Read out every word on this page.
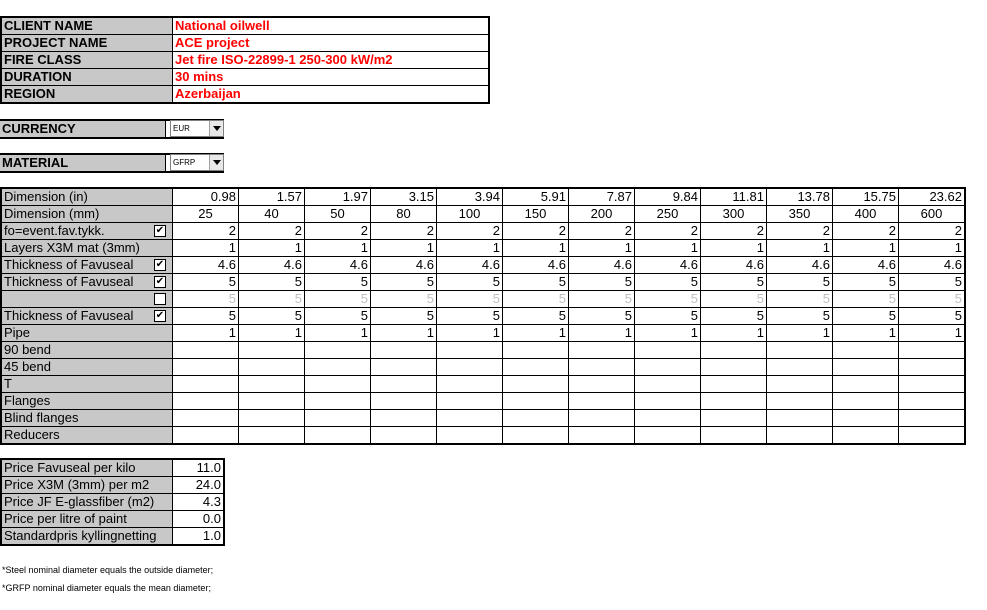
CLIENT NAME	National oilwell
PROJECT NAME	ACE project
FIRE CLASS	Jet fire ISO-22899-1 250-300 kW/m2
DURATION	30 mins
REGION	Azerbaijan
CURRENCY	EUR
MATERIAL	GFRP
Dimension (in)	0.98	1.57	1.97	3.15	3.94	5.91	7.87	9.84	11.81	13.78	15.75	23.62
Dimension (mm)	25	40	50	80	100	150	200	250	300	350	400	600
fo=event.fav.tykk. ✔	2	2	2	2	2	2	2	2	2	2	2	2
Layers X3M mat (3mm)	1	1	1	1	1	1	1	1	1	1	1	1
Thickness of Favuseal ✔	4.6	4.6	4.6	4.6	4.6	4.6	4.6	4.6	4.6	4.6	4.6	4.6
Thickness of Favuseal ✔	5	5	5	5	5	5	5	5	5	5	5	5

	5	5	5	5	5	5	5	5	5	5	5	5
Thickness of Favuseal ✔	5	5	5	5	5	5	5	5	5	5	5	5
Pipe	1	1	1	1	1	1	1	1	1	1	1	1
90 bend												
45 bend												
T												
Flanges												
Blind flanges												
Reducers												
Price Favuseal per kilo	11.0
Price X3M (3mm) per m2	24.0
Price JF E-glassfiber (m2)	4.3
Price per litre of paint	0.0
Standardpris kyllingnetting	1.0
*Steel nominal diameter equals the outside diameter;
*GRFP nominal diameter equals the mean diameter;
